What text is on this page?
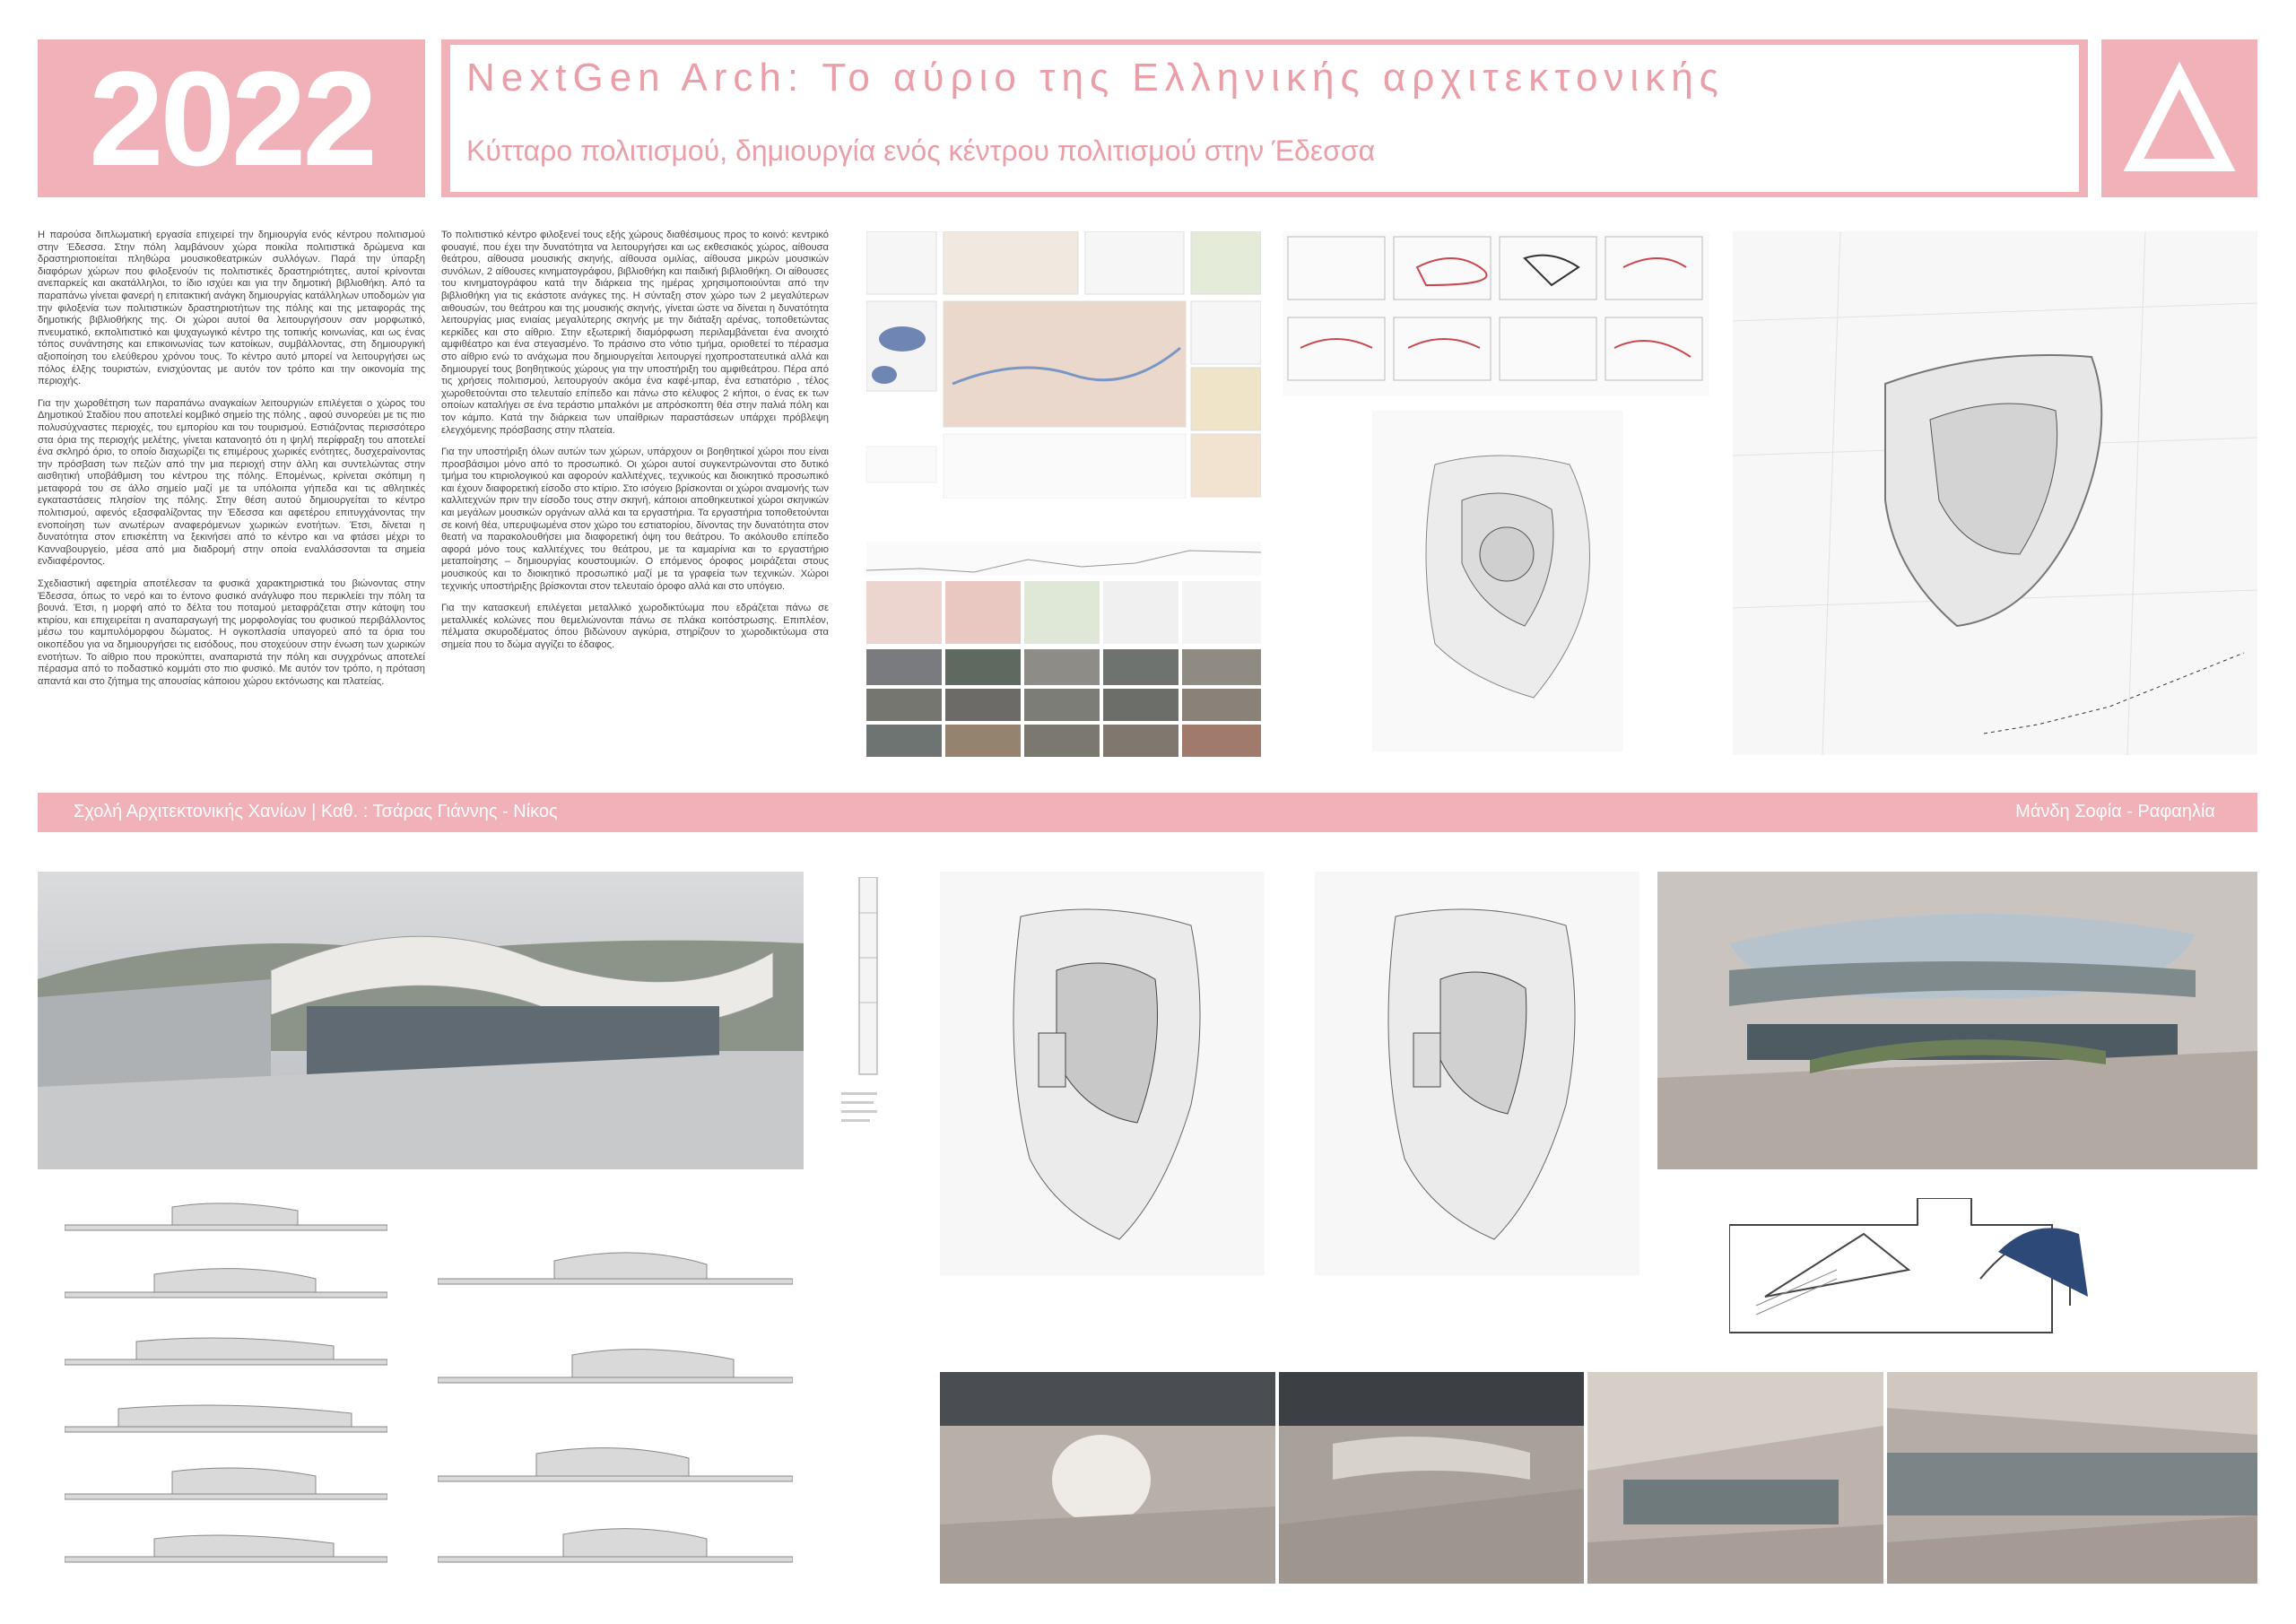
2022 NextGen Arch: Το αύριο της Ελληνικής αρχιτεκτονικής
Κύτταρο πολιτισμού, δημιουργία ενός κέντρου πολιτισμού στην Έδεσσα

Η παρούσα διπλωματική εργασία επιχειρεί την δημιουργία ενός κέντρου πολιτισμού στην Έδεσσα. Στην πόλη λαμβάνουν χώρα ποικίλα πολιτιστικά δρώμενα και δραστηριοποιείται πληθώρα μουσικοθεατρικών συλλόγων. Παρά την ύπαρξη διαφόρων χώρων που φιλοξενούν τις πολιτιστικές δραστηριότητες, αυτοί κρίνονται ανεπαρκείς και ακατάλληλοι, το ίδιο ισχύει και για την δημοτική βιβλιοθήκη. Από τα παραπάνω γίνεται φανερή η επιτακτική ανάγκη δημιουργίας κατάλληλων υποδομών για την φιλοξενία των πολιτιστικών δραστηριοτήτων της πόλης και της μεταφοράς της δημοτικής βιβλιοθήκης της. Οι χώροι αυτοί θα λειτουργήσουν σαν μορφωτικό, πνευματικό, εκπολιτιστικό και ψυχαγωγικό κέντρο της τοπικής κοινωνίας, και ως ένας τόπος συνάντησης και επικοινωνίας των κατοίκων, συμβάλλοντας, στη δημιουργική αξιοποίηση του ελεύθερου χρόνου τους. Το κέντρο αυτό μπορεί να λειτουργήσει ως πόλος έλξης τουριστών, ενισχύοντας με αυτόν τον τρόπο και την οικονομία της περιοχής.

Για την χωροθέτηση των παραπάνω αναγκαίων λειτουργιών επιλέγεται ο χώρος του Δημοτικού Σταδίου που αποτελεί κομβικό σημείο της πόλης , αφού συνορεύει με τις πιο πολυσύχναστες περιοχές, του εμπορίου και του τουρισμού. Εστιάζοντας περισσότερο στα όρια της περιοχής μελέτης, γίνεται κατανοητό ότι η ψηλή περίφραξη του αποτελεί ένα σκληρό όριο, το οποίο διαχωρίζει τις επιμέρους χωρικές ενότητες, δυσχεραίνοντας την πρόσβαση των πεζών από την μια περιοχή στην άλλη και συντελώντας στην αισθητική υποβάθμιση του κέντρου της πόλης. Επομένως, κρίνεται σκόπιμη η μεταφορά του σε άλλο σημείο μαζί με τα υπόλοιπα γήπεδα και τις αθλητικές εγκαταστάσεις πλησίον της πόλης. Στην θέση αυτού δημιουργείται το κέντρο πολιτισμού, αφενός εξασφαλίζοντας την Έδεσσα και αφετέρου επιτυγχάνοντας την ενοποίηση των ανωτέρων αναφερόμενων χωρικών ενοτήτων. Έτσι, δίνεται η δυνατότητα στον επισκέπτη να ξεκινήσει από το κέντρο και να φτάσει μέχρι το Κανναβουργείο, μέσα από μια διαδρομή στην οποία εναλλάσσονται τα σημεία ενδιαφέροντος.

Σχεδιαστική αφετηρία αποτέλεσαν τα φυσικά χαρακτηριστικά του βιώνοντας στην Έδεσσα, όπως το νερό και το έντονο φυσικό ανάγλυφο που περικλείει την πόλη τα βουνά. Έτσι, η μορφή από το δέλτα του ποταμού μεταφράζεται στην κάτοψη του κτιρίου, και επιχειρείται η αναπαραγωγή της μορφολογίας του φυσικού περιβάλλοντος μέσω του καμπυλόμορφου δώματος. Η ογκοπλασία υπαγορεύ από τα όρια του οικοπέδου για να δημιουργήσει τις εισόδους, που στοχεύουν στην ένωση των χωρικών ενοτήτων. Το αίθριο που προκύπτει, αναπαριστά την πόλη και συγχρόνως αποτελεί πέρασμα από το ποδαστικό κομμάτι στο πιο φυσικό. Με αυτόν τον τρόπο, η πρόταση απαντά και στο ζήτημα της απουσίας κάποιου χώρου εκτόνωσης και πλατείας.

Το πολιτιστικό κέντρο φιλοξενεί τους εξής χώρους διαθέσιμους προς το κοινό: κεντρικό φουαγιέ, που έχει την δυνατότητα να λειτουργήσει και ως εκθεσιακός χώρος, αίθουσα θεάτρου, αίθουσα μουσικής σκηνής, αίθουσα ομιλίας, αίθουσα μικρών μουσικών συνόλων, 2 αίθουσες κινηματογράφου, βιβλιοθήκη και παιδική βιβλιοθήκη. Οι αίθουσες του κινηματογράφου κατά την διάρκεια της ημέρας χρησιμοποιούνται από την βιβλιοθήκη για τις εκάστοτε ανάγκες της. Η σύνταξη στον χώρο των 2 μεγαλύτερων αιθουσών, του θεάτρου και της μουσικής σκηνής, γίνεται ώστε να δίνεται η δυνατότητα λειτουργίας μιας ενιαίας μεγαλύτερης σκηνής με την διάταξη αρένας, τοποθετώντας κερκίδες και στο αίθριο. Στην εξωτερική διαμόρφωση περιλαμβάνεται ένα ανοιχτό αμφιθέατρο και ένα στεγασμένο. Το πράσινο στο νότιο τμήμα, οριοθετεί το πέρασμα στο αίθριο ενώ το ανάχωμα που δημιουργείται λειτουργεί ηχοπροστατευτικά αλλά και δημιουργεί τους βοηθητικούς χώρους για την υποστήριξη του αμφιθεάτρου. Πέρα από τις χρήσεις πολιτισμού, λειτουργούν ακόμα ένα καφέ-μπαρ, ένα εστιατόριο , τέλος χωροθετούνται στο τελευταίο επίπεδο και πάνω στο κέλυφος 2 κήποι, ο ένας εκ των οποίων καταλήγει σε ένα τεράστιο μπαλκόνι με απρόσκοπτη θέα στην παλιά πόλη και τον κάμπο. Κατά την διάρκεια των υπαίθριων παραστάσεων υπάρχει πρόβλεψη ελεγχόμενης πρόσβασης στην πλατεία.

Για την υποστήριξη όλων αυτών των χώρων, υπάρχουν οι βοηθητικοί χώροι που είναι προσβάσιμοι μόνο από το προσωπικό. Οι χώροι αυτοί συγκεντρώνονται στο δυτικό τμήμα του κτιριολογικού και αφορούν καλλιτέχνες, τεχνικούς και διοικητικό προσωπικό και έχουν διαφορετική είσοδο στο κτίριο. Στο ισόγειο βρίσκονται οι χώροι αναμονής των καλλιτεχνών πριν την είσοδο τους στην σκηνή, κάποιοι αποθηκευτικοί χώροι σκηνικών και μεγάλων μουσικών οργάνων αλλά και τα εργαστήρια. Τα εργαστήρια τοποθετούνται σε κοινή θέα, υπερυψωμένα στον χώρο του εστιατορίου, δίνοντας την δυνατότητα στον θεατή να παρακολουθήσει μια διαφορετική όψη του θεάτρου. Το ακόλουθο επίπεδο αφορά μόνο τους καλλιτέχνες του θεάτρου, με τα καμαρίνια και το εργαστήριο μεταποίησης – δημιουργίας κουστουμιών. Ο επόμενος όροφος μοιράζεται στους μουσικούς και το διοικητικό προσωπικό μαζί με τα γραφεία των τεχνικών. Χώροι τεχνικής υποστήριξης βρίσκονται στον τελευταίο όροφο αλλά και στο υπόγειο.

Για την κατασκευή επιλέγεται μεταλλικό χωροδικτύωμα που εδράζεται πάνω σε μεταλλικές κολώνες που θεμελιώνονται πάνω σε πλάκα κοιτόστρωσης. Επιπλέον, πέλματα σκυροδέματος όπου βιδώνουν αγκύρια, στηρίζουν το χωροδικτύωμα στα σημεία που το δώμα αγγίζει το έδαφος.

Σχολή Αρχιτεκτονικής Χανίων | Καθ. : Τσάρας Γιάννης - Νίκος	Μάνδη Σοφία - Ραφαηλία
